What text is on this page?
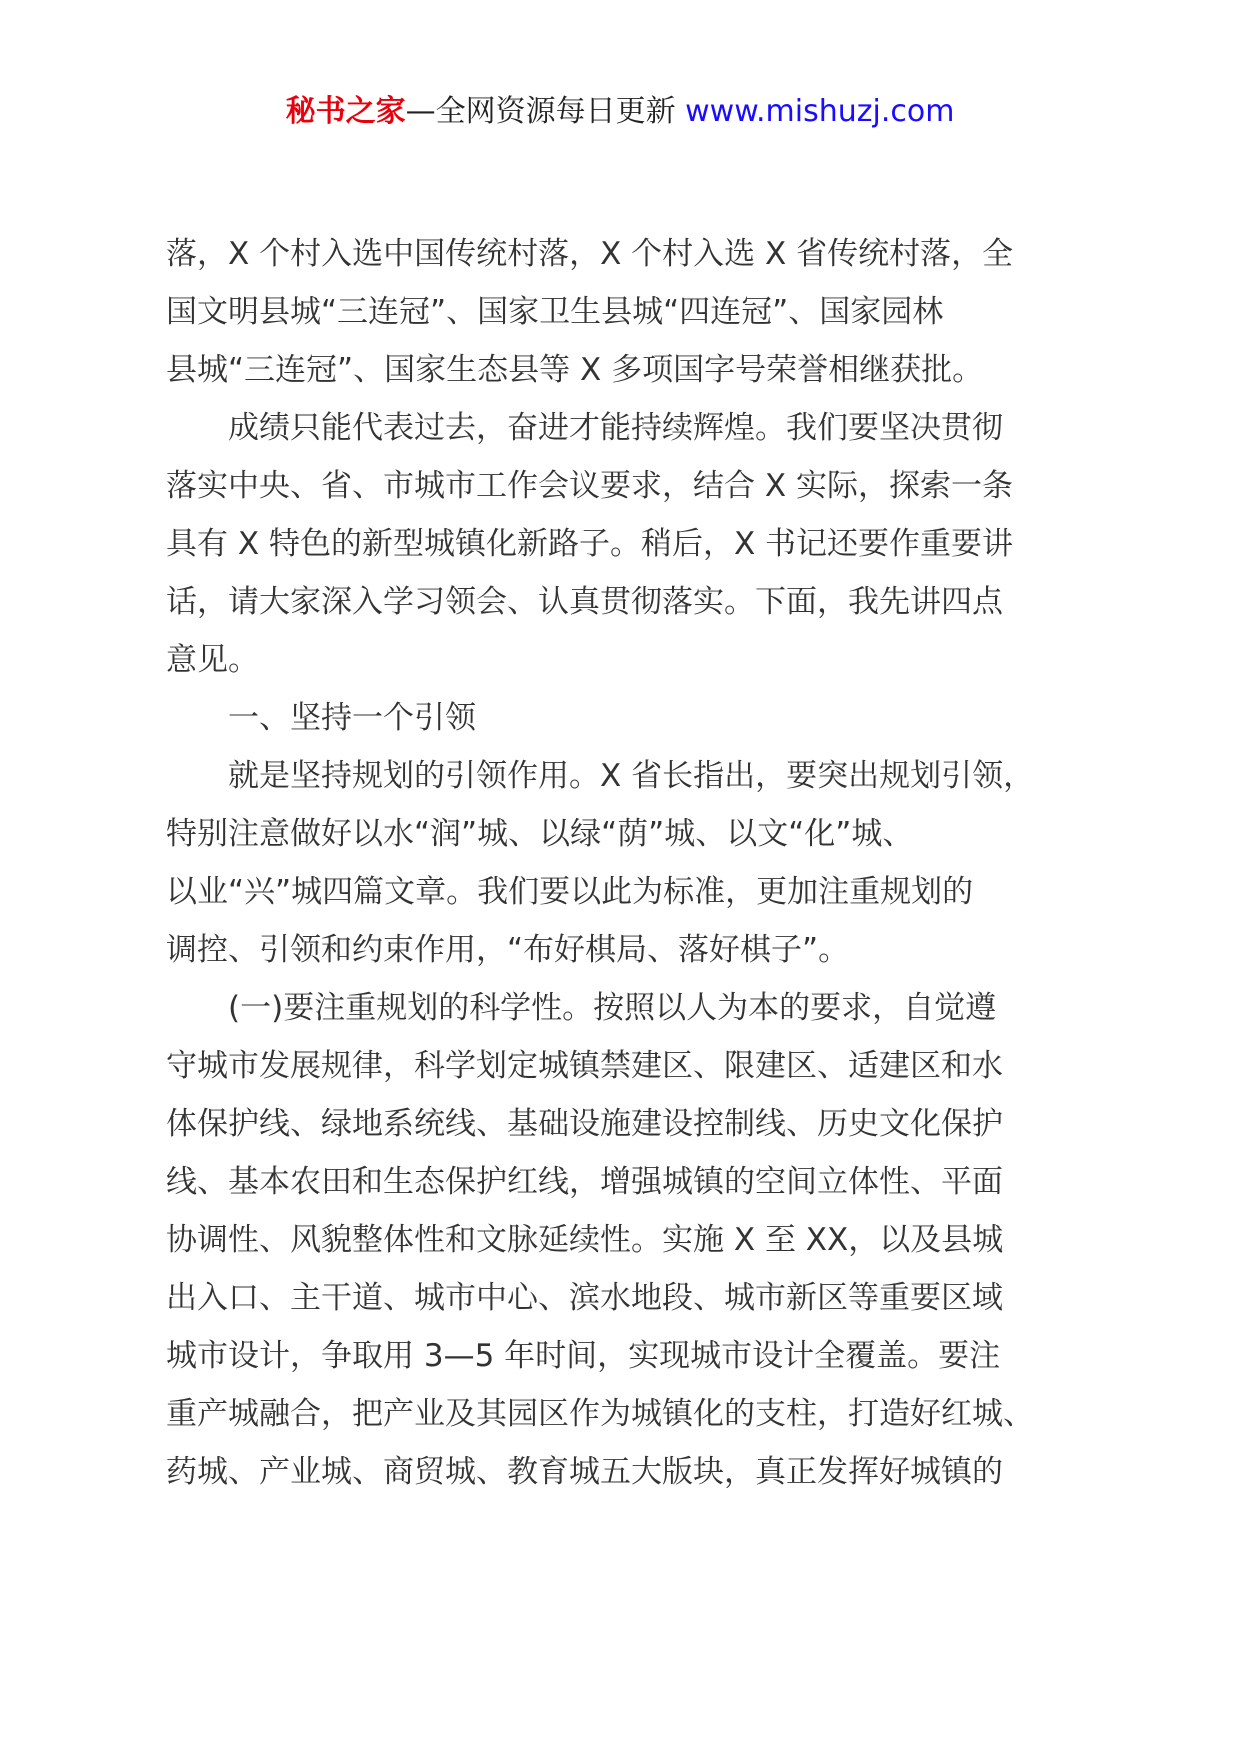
秘书之家—全网资源每日更新 www.mishuzj.com
落，X 个村入选中国传统村落，X 个村入选 X 省传统村落，全
国文明县城“三连冠”、国家卫生县城“四连冠”、国家园林
县城“三连冠”、国家生态县等 X 多项国字号荣誉相继获批。
　　成绩只能代表过去，奋进才能持续辉煌。我们要坚决贯彻
落实中央、省、市城市工作会议要求，结合 X 实际，探索一条
具有 X 特色的新型城镇化新路子。稍后，X 书记还要作重要讲
话，请大家深入学习领会、认真贯彻落实。下面，我先讲四点
意见。
　　一、坚持一个引领
　　就是坚持规划的引领作用。X 省长指出，要突出规划引领，
特别注意做好以水“润”城、以绿“荫”城、以文“化”城、
以业“兴”城四篇文章。我们要以此为标准，更加注重规划的
调控、引领和约束作用，“布好棋局、落好棋子”。
　　(一)要注重规划的科学性。按照以人为本的要求，自觉遵
守城市发展规律，科学划定城镇禁建区、限建区、适建区和水
体保护线、绿地系统线、基础设施建设控制线、历史文化保护
线、基本农田和生态保护红线，增强城镇的空间立体性、平面
协调性、风貌整体性和文脉延续性。实施 X 至 XX，以及县城
出入口、主干道、城市中心、滨水地段、城市新区等重要区域
城市设计，争取用 3—5 年时间，实现城市设计全覆盖。要注
重产城融合，把产业及其园区作为城镇化的支柱，打造好红城、
药城、产业城、商贸城、教育城五大版块，真正发挥好城镇的
